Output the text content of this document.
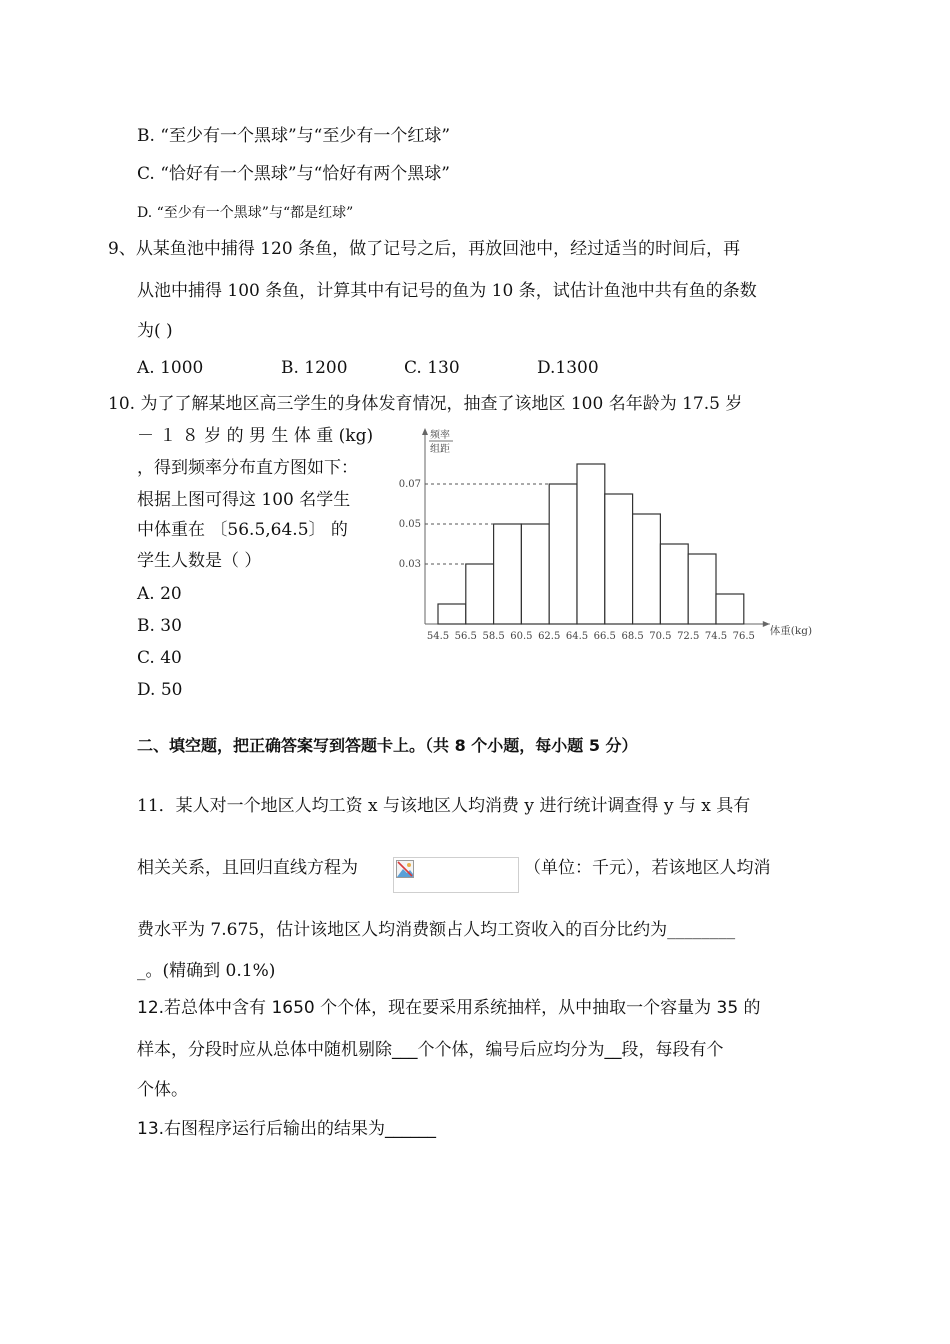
B. “至少有一个黑球”与“至少有一个红球”
C. “恰好有一个黑球”与“恰好有两个黑球”
D. “至少有一个黑球”与“都是红球”
9、从某鱼池中捕得 120 条鱼，做了记号之后，再放回池中，经过适当的时间后，再
从池中捕得 100 条鱼，计算其中有记号的鱼为 10 条，试估计鱼池中共有鱼的条数
为( )
A. 1000	B. 1200	C. 130	D.1300
10. 为了了解某地区高三学生的身体发育情况，抽查了该地区 100 名年龄为 17.5 岁
－ １ ８ 岁 的 男 生 体 重 (kg)
，得到频率分布直方图如下：
根据上图可得这 100 名学生
中体重在 〔56.5,64.5〕 的
学生人数是（ ）
A. 20
B. 30
C. 40
D. 50
频率
组距
0.03
0.05
0.07
54.5 56.5 58.5 60.5 62.5 64.5 66.5 68.5 70.5 72.5 74.5 76.5 体重(kg)
二、填空题，把正确答案写到答题卡上。（共 8 个小题，每小题 5 分）
11．某人对一个地区人均工资 x 与该地区人均消费 y 进行统计调查得 y 与 x 具有
相关关系，且回归直线方程为	（单位：千元），若该地区人均消
费水平为 7.675，估计该地区人均消费额占人均工资收入的百分比约为________
_。(精确到 0.1%)
12.若总体中含有 1650 个个体，现在要采用系统抽样，从中抽取一个容量为 35 的
样本，分段时应从总体中随机剔除___个个体，编号后应均分为__段，每段有个
个体。
13.右图程序运行后输出的结果为______
